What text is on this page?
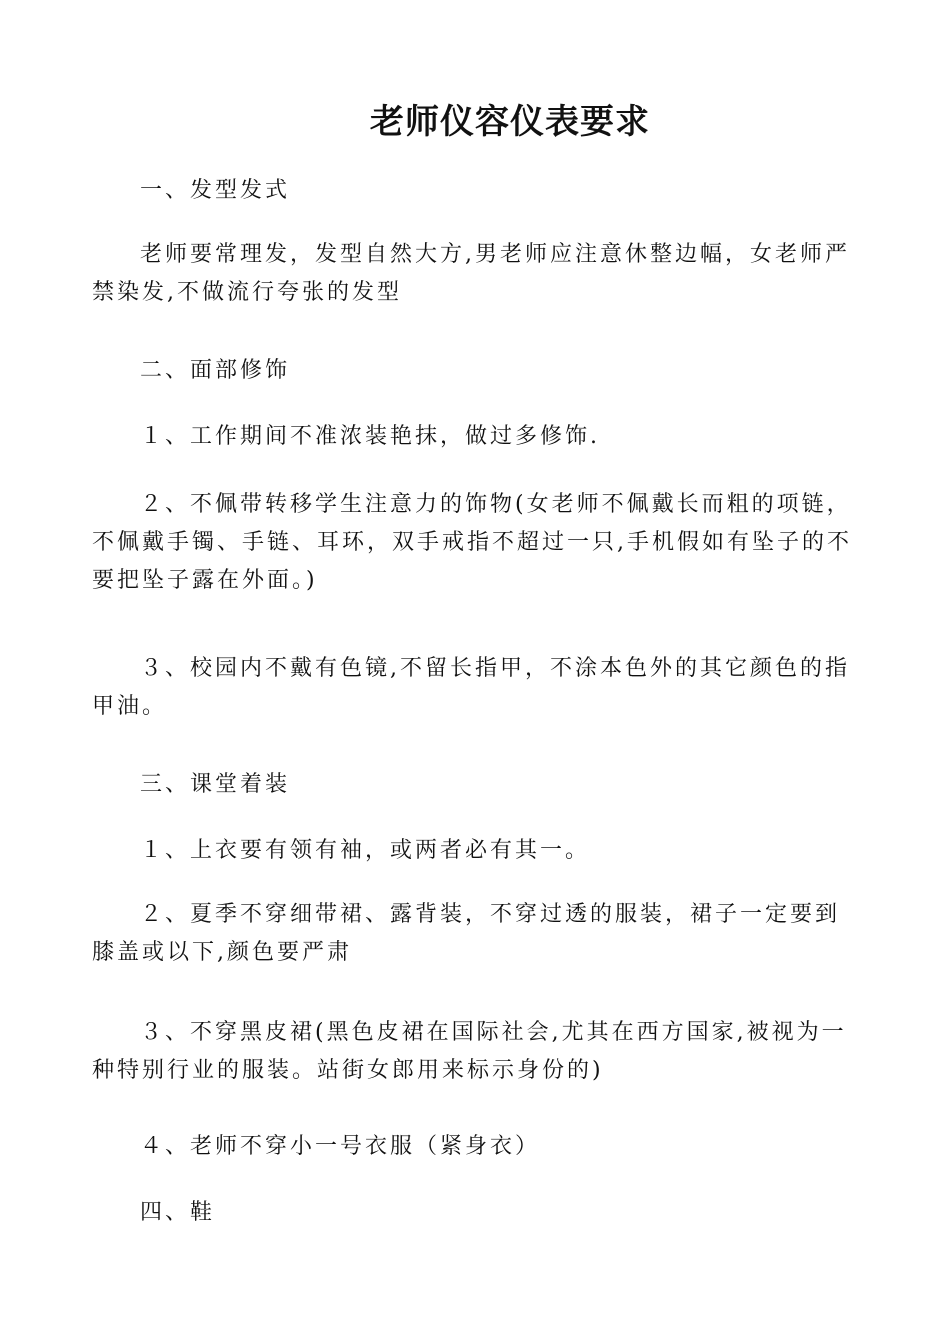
老师仪容仪表要求
一、发型发式
老师要常理发，发型自然大方,男老师应注意休整边幅，女老师严禁染发,不做流行夸张的发型
二、面部修饰
１、工作期间不准浓装艳抹，做过多修饰.
２、不佩带转移学生注意力的饰物(女老师不佩戴长而粗的项链，不佩戴手镯、手链、耳环，双手戒指不超过一只,手机假如有坠子的不要把坠子露在外面。)
３、校园内不戴有色镜,不留长指甲，不涂本色外的其它颜色的指甲油。
三、课堂着装
１、上衣要有领有袖，或两者必有其一。
２、夏季不穿细带裙、露背装，不穿过透的服装，裙子一定要到膝盖或以下,颜色要严肃
３、不穿黑皮裙(黑色皮裙在国际社会,尤其在西方国家,被视为一种特别行业的服装。站街女郎用来标示身份的)
４、老师不穿小一号衣服（紧身衣）
四、鞋
